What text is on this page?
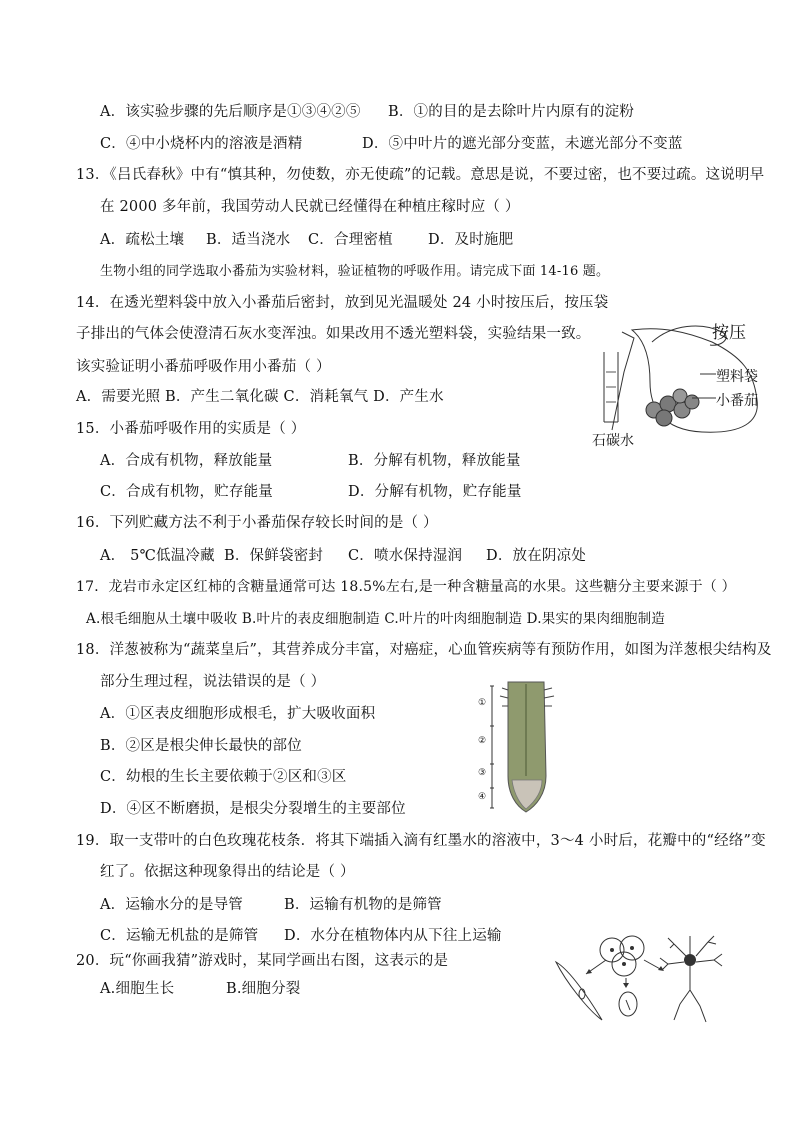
A．该实验步骤的先后顺序是①③④②⑤ B．①的目的是去除叶片内原有的淀粉
C．④中小烧杯内的溶液是酒精	D．⑤中叶片的遮光部分变蓝，未遮光部分不变蓝
13．《吕氏春秋》中有“慎其种，勿使数，亦无使疏”的记载。意思是说，不要过密，也不要过疏。这说明早
在 2000 多年前，我国劳动人民就已经懂得在种植庄稼时应（ ）
A．疏松土壤 B．适当浇水 C．合理密植 D．及时施肥
生物小组的同学选取小番茄为实验材料，验证植物的呼吸作用。请完成下面 14-16 题。
14．在透光塑料袋中放入小番茄后密封，放到见光温暖处 24 小时按压后，按压袋
子排出的气体会使澄清石灰水变浑浊。如果改用不透光塑料袋，实验结果一致。
该实验证明小番茄呼吸作用小番茄（ ）
A．需要光照 B．产生二氧化碳 C．消耗氧气 D．产生水
按压
塑料袋
小番茄
石碳水
15．小番茄呼吸作用的实质是（ ）
A．合成有机物，释放能量	B．分解有机物，释放能量
C．合成有机物，贮存能量	D．分解有机物，贮存能量
16．下列贮藏方法不利于小番茄保存较长时间的是（ ）
A． 5℃低温冷藏 B．保鲜袋密封 C．喷水保持湿润 D．放在阴凉处
17．龙岩市永定区红柿的含糖量通常可达 18.5%左右,是一种含糖量高的水果。这些糖分主要来源于（ ）
A.根毛细胞从土壤中吸收 B.叶片的表皮细胞制造 C.叶片的叶肉细胞制造 D.果实的果肉细胞制造
18．洋葱被称为“蔬菜皇后”，其营养成分丰富，对癌症，心血管疾病等有预防作用，如图为洋葱根尖结构及
部分生理过程，说法错误的是（ ）
A．①区表皮细胞形成根毛，扩大吸收面积
B．②区是根尖伸长最快的部位
C．幼根的生长主要依赖于②区和③区
D．④区不断磨损，是根尖分裂增生的主要部位
①
②
③
④
19．取一支带叶的白色玫瑰花枝条．将其下端插入滴有红墨水的溶液中，3～4 小时后，花瓣中的“经络”变
红了。依据这种现象得出的结论是（ ）
A．运输水分的是导管	B．运输有机物的是筛管
C．运输无机盐的是筛管 D．水分在植物体内从下往上运输
20．玩“你画我猜”游戏时，某同学画出右图，这表示的是
A.细胞生长	B.细胞分裂
